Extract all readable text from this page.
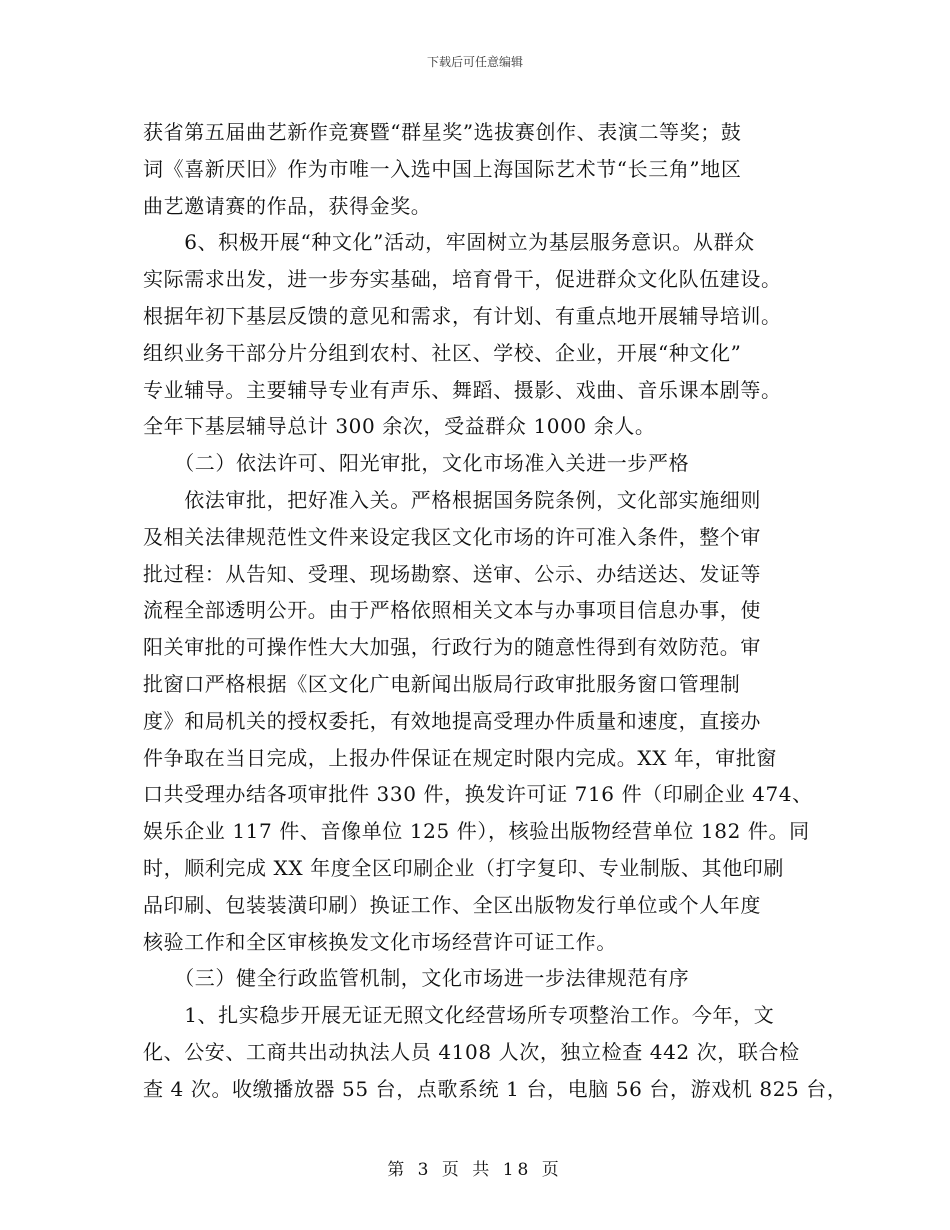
下载后可任意编辑
获省第五届曲艺新作竞赛暨“群星奖”选拔赛创作、表演二等奖；鼓
词《喜新厌旧》作为市唯一入选中国上海国际艺术节“长三角”地区
曲艺邀请赛的作品，获得金奖。
　　6、积极开展“种文化”活动，牢固树立为基层服务意识。从群众
实际需求出发，进一步夯实基础，培育骨干，促进群众文化队伍建设。
根据年初下基层反馈的意见和需求，有计划、有重点地开展辅导培训。
组织业务干部分片分组到农村、社区、学校、企业，开展“种文化”
专业辅导。主要辅导专业有声乐、舞蹈、摄影、戏曲、音乐课本剧等。
全年下基层辅导总计 300 余次，受益群众 1000 余人。
　　（二）依法许可、阳光审批，文化市场准入关进一步严格
　　依法审批，把好准入关。严格根据国务院条例，文化部实施细则
及相关法律规范性文件来设定我区文化市场的许可准入条件，整个审
批过程：从告知、受理、现场勘察、送审、公示、办结送达、发证等
流程全部透明公开。由于严格依照相关文本与办事项目信息办事，使
阳关审批的可操作性大大加强，行政行为的随意性得到有效防范。审
批窗口严格根据《区文化广电新闻出版局行政审批服务窗口管理制
度》和局机关的授权委托，有效地提高受理办件质量和速度，直接办
件争取在当日完成，上报办件保证在规定时限内完成。XX 年，审批窗
口共受理办结各项审批件 330 件，换发许可证 716 件（印刷企业 474、
娱乐企业 117 件、音像单位 125 件），核验出版物经营单位 182 件。同
时，顺利完成 XX 年度全区印刷企业（打字复印、专业制版、其他印刷
品印刷、包装装潢印刷）换证工作、全区出版物发行单位或个人年度
核验工作和全区审核换发文化市场经营许可证工作。
　　（三）健全行政监管机制，文化市场进一步法律规范有序
　　1、扎实稳步开展无证无照文化经营场所专项整治工作。今年，文
化、公安、工商共出动执法人员 4108 人次，独立检查 442 次，联合检
查 4 次。收缴播放器 55 台，点歌系统 1 台，电脑 56 台，游戏机 825 台，
第 3 页 共 18 页
